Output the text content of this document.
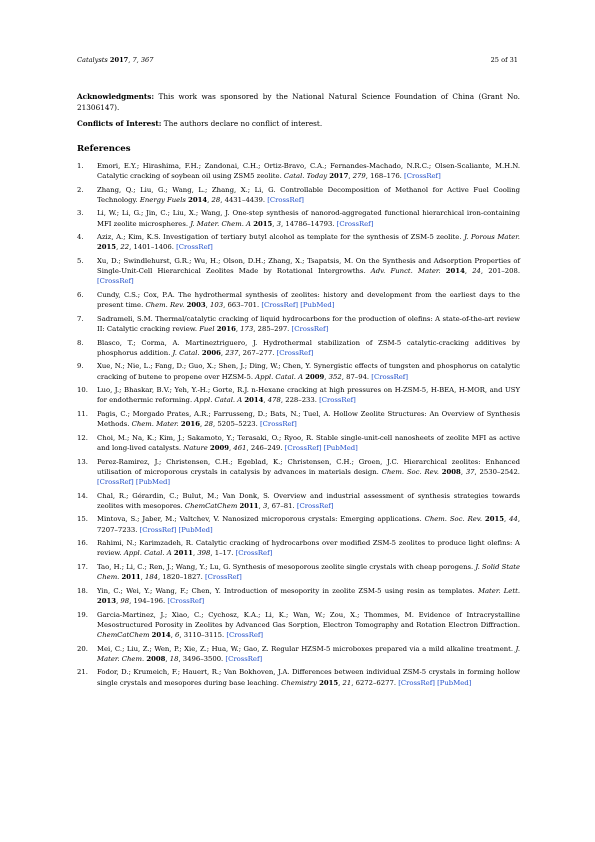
Catalysts 2017, 7, 367	25 of 31

Acknowledgments: This work was sponsored by the National Natural Science Foundation of China (Grant No. 21306147).

Conflicts of Interest: The authors declare no conflict of interest.

References
1. Emori, E.Y.; Hirashima, F.H.; Zandonai, C.H.; Ortiz-Bravo, C.A.; Fernandes-Machado, N.R.C.; Olsen-Scaliante, M.H.N. Catalytic cracking of soybean oil using ZSM5 zeolite. Catal. Today 2017, 279, 168–176. [CrossRef]
2. Zhang, Q.; Liu, G.; Wang, L.; Zhang, X.; Li, G. Controllable Decomposition of Methanol for Active Fuel Cooling Technology. Energy Fuels 2014, 28, 4431–4439. [CrossRef]
3. Li, W.; Li, G.; Jin, C.; Liu, X.; Wang, J. One-step synthesis of nanorod-aggregated functional hierarchical iron-containing MFI zeolite microspheres. J. Mater. Chem. A 2015, 3, 14786–14793. [CrossRef]
4. Aziz, A.; Kim, K.S. Investigation of tertiary butyl alcohol as template for the synthesis of ZSM-5 zeolite. J. Porous Mater. 2015, 22, 1401–1406. [CrossRef]
5. Xu, D.; Swindlehurst, G.R.; Wu, H.; Olson, D.H.; Zhang, X.; Tsapatsis, M. On the Synthesis and Adsorption Properties of Single-Unit-Cell Hierarchical Zeolites Made by Rotational Intergrowths. Adv. Funct. Mater. 2014, 24, 201–208. [CrossRef]
6. Cundy, C.S.; Cox, P.A. The hydrothermal synthesis of zeolites: history and development from the earliest days to the present time. Chem. Rev. 2003, 103, 663–701. [CrossRef] [PubMed]
7. Sadrameli, S.M. Thermal/catalytic cracking of liquid hydrocarbons for the production of olefins: A state-of-the-art review II: Catalytic cracking review. Fuel 2016, 173, 285–297. [CrossRef]
8. Blasco, T.; Corma, A. Martineztriguero, J. Hydrothermal stabilization of ZSM-5 catalytic-cracking additives by phosphorus addition. J. Catal. 2006, 237, 267–277. [CrossRef]
9. Xue, N.; Nie, L.; Fang, D.; Guo, X.; Shen, J.; Ding, W.; Chen, Y. Synergistic effects of tungsten and phosphorus on catalytic cracking of butene to propene over HZSM-5. Appl. Catal. A 2009, 352, 87–94. [CrossRef]
10. Luo, J.; Bhaskar, B.V.; Yeh, Y.-H.; Gorte, R.J. n-Hexane cracking at high pressures on H-ZSM-5, H-BEA, H-MOR, and USY for endothermic reforming. Appl. Catal. A 2014, 478, 228–233. [CrossRef]
11. Pagis, C.; Morgado Prates, A.R.; Farrusseng, D.; Bats, N.; Tuel, A. Hollow Zeolite Structures: An Overview of Synthesis Methods. Chem. Mater. 2016, 28, 5205–5223. [CrossRef]
12. Choi, M.; Na, K.; Kim, J.; Sakamoto, Y.; Terasaki, O.; Ryoo, R. Stable single-unit-cell nanosheets of zeolite MFI as active and long-lived catalysts. Nature 2009, 461, 246–249. [CrossRef] [PubMed]
13. Perez-Ramirez, J.; Christensen, C.H.; Egeblad, K.; Christensen, C.H.; Groen, J.C. Hierarchical zeolites: Enhanced utilisation of microporous crystals in catalysis by advances in materials design. Chem. Soc. Rev. 2008, 37, 2530–2542. [CrossRef] [PubMed]
14. Chal, R.; Gérardin, C.; Bulut, M.; Van Donk, S. Overview and industrial assessment of synthesis strategies towards zeolites with mesopores. ChemCatChem 2011, 3, 67–81. [CrossRef]
15. Mintova, S.; Jaber, M.; Valtchev, V. Nanosized microporous crystals: Emerging applications. Chem. Soc. Rev. 2015, 44, 7207–7233. [CrossRef] [PubMed]
16. Rahimi, N.; Karimzadeh, R. Catalytic cracking of hydrocarbons over modified ZSM-5 zeolites to produce light olefins: A review. Appl. Catal. A 2011, 398, 1–17. [CrossRef]
17. Tao, H.; Li, C.; Ren, J.; Wang, Y.; Lu, G. Synthesis of mesoporous zeolite single crystals with cheap porogens. J. Solid State Chem. 2011, 184, 1820–1827. [CrossRef]
18. Yin, C.; Wei, Y.; Wang, F.; Chen, Y. Introduction of mesopority in zeolite ZSM-5 using resin as templates. Mater. Lett. 2013, 98, 194–196. [CrossRef]
19. Garcia-Martinez, J.; Xiao, C.; Cychosz, K.A.; Li, K.; Wan, W.; Zou, X.; Thommes, M. Evidence of Intracrystalline Mesostructured Porosity in Zeolites by Advanced Gas Sorption, Electron Tomography and Rotation Electron Diffraction. ChemCatChem 2014, 6, 3110–3115. [CrossRef]
20. Mei, C.; Liu, Z.; Wen, P.; Xie, Z.; Hua, W.; Gao, Z. Regular HZSM-5 microboxes prepared via a mild alkaline treatment. J. Mater. Chem. 2008, 18, 3496–3500. [CrossRef]
21. Fodor, D.; Krumeich, F.; Hauert, R.; Van Bokhoven, J.A. Differences between individual ZSM-5 crystals in forming hollow single crystals and mesopores during base leaching. Chemistry 2015, 21, 6272–6277. [CrossRef] [PubMed]
